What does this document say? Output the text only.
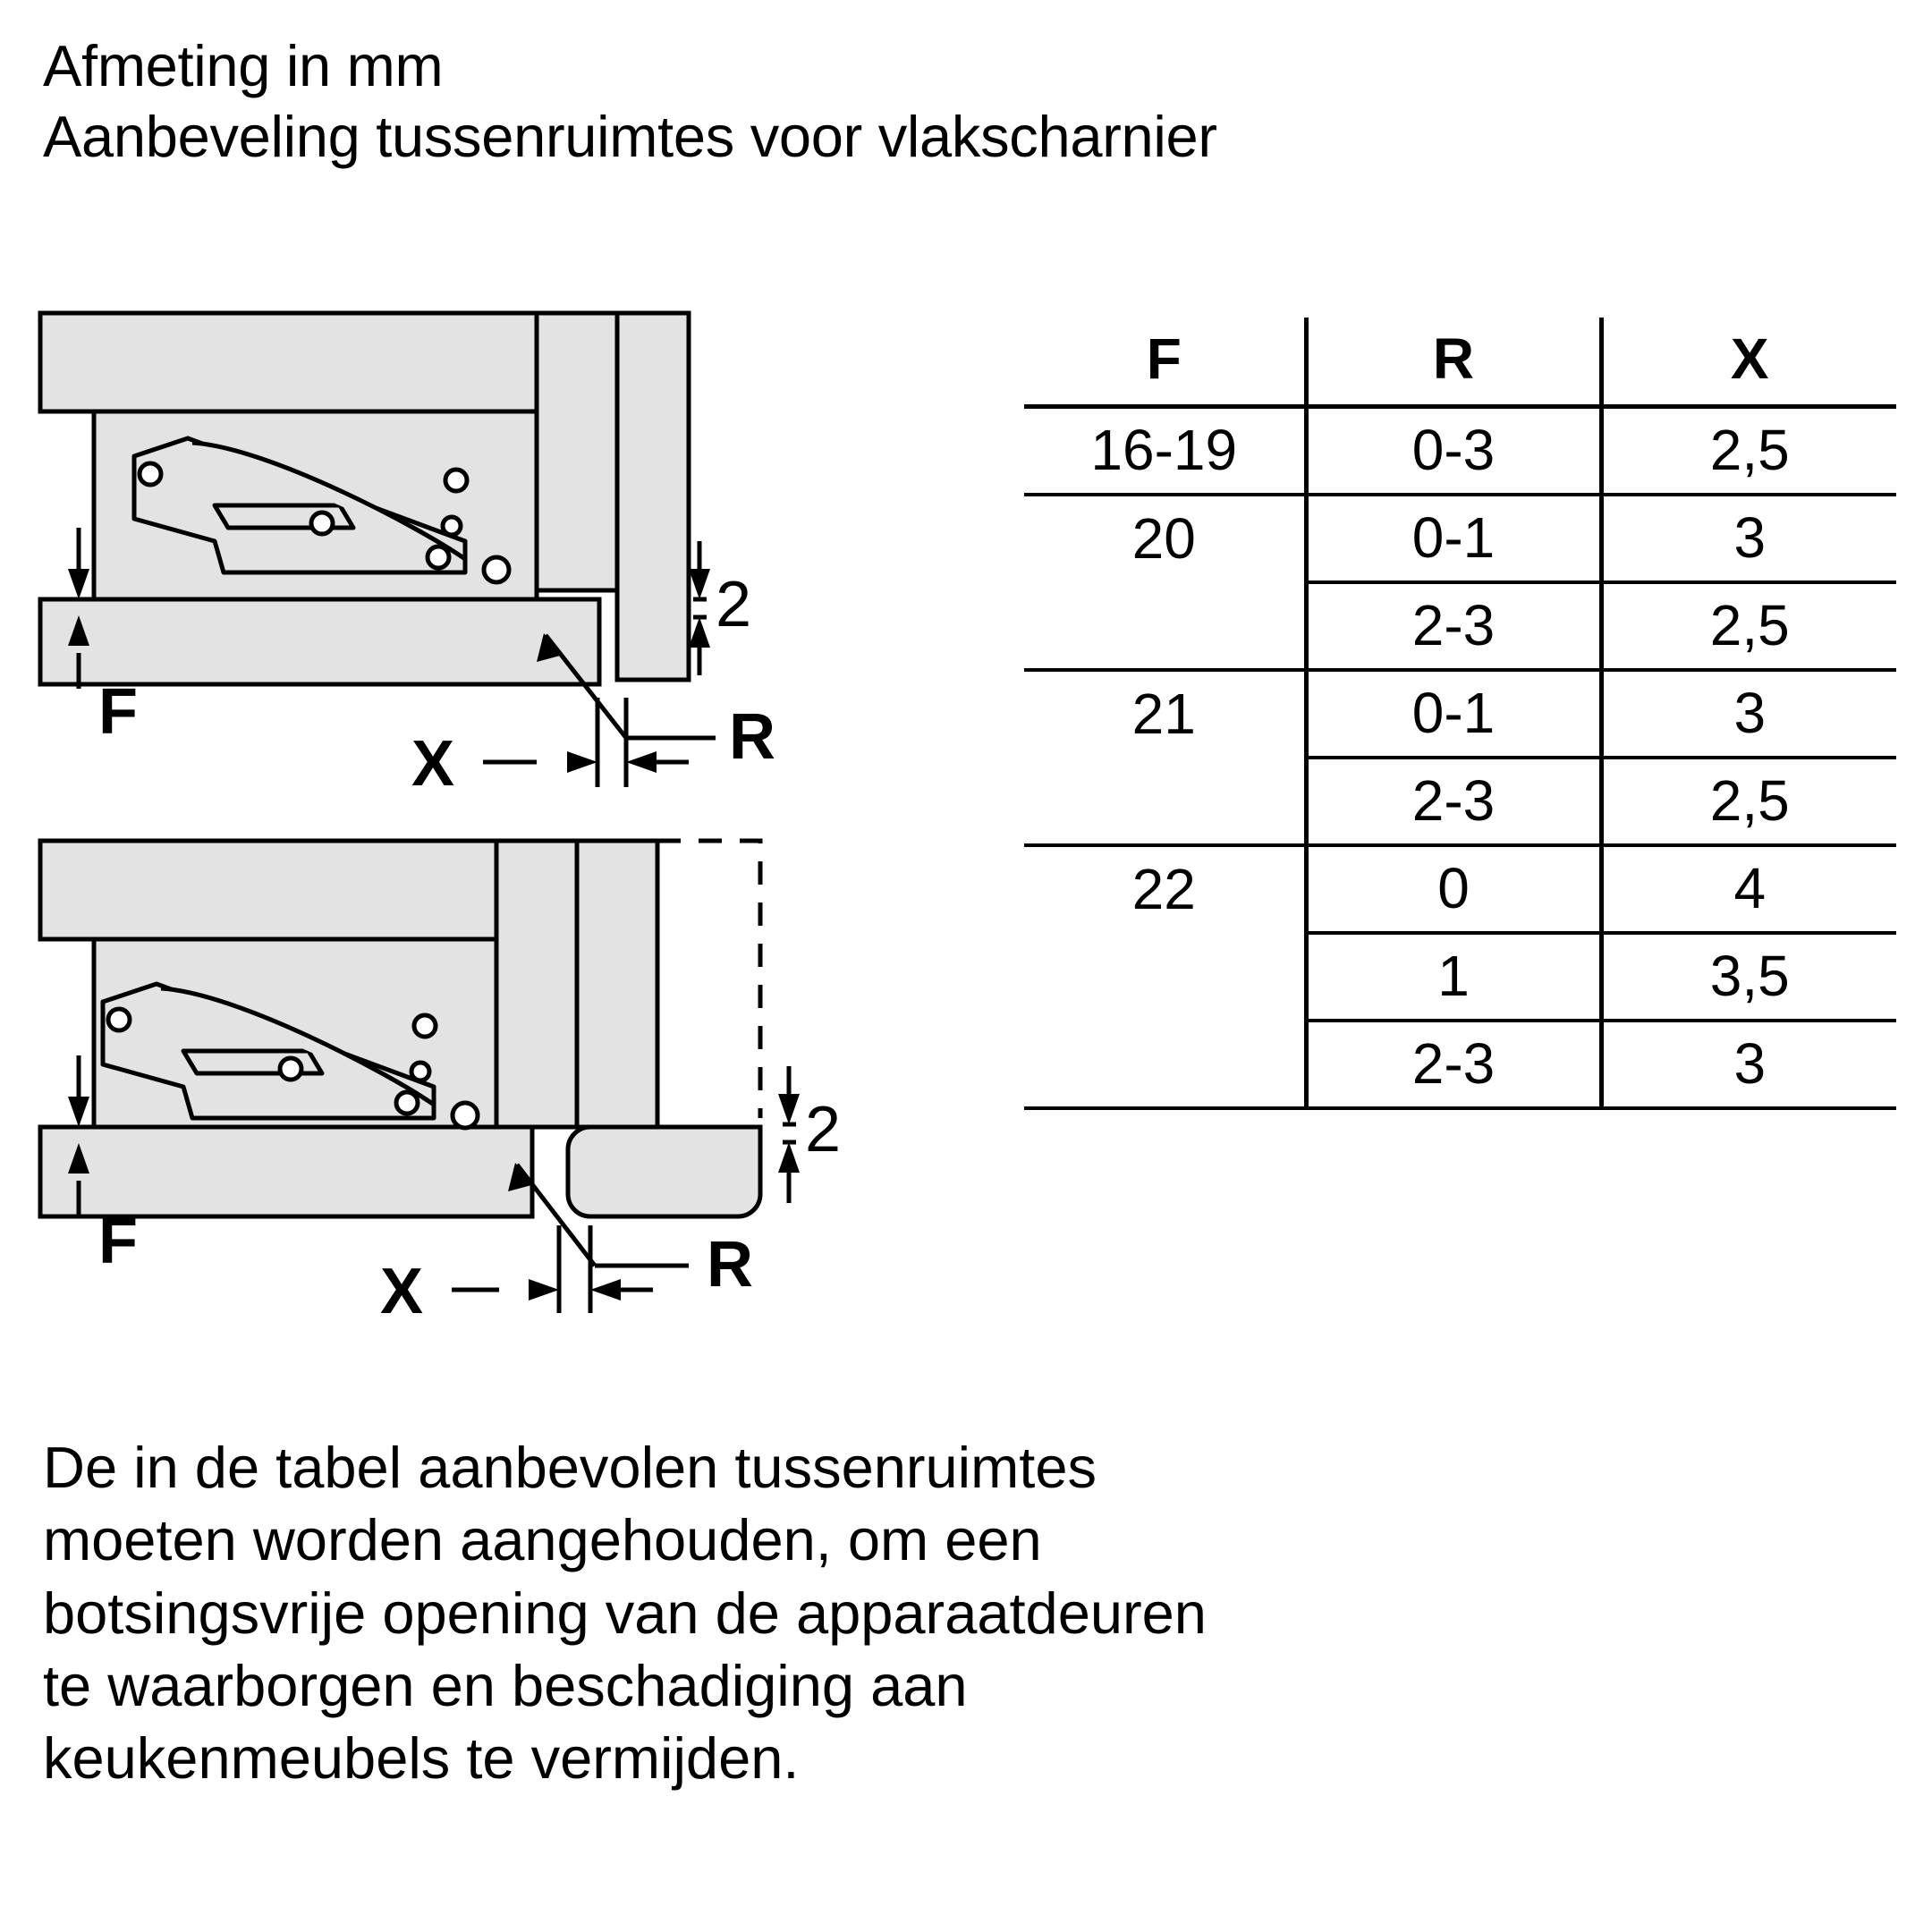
Afmeting in mm
Aanbeveling tussenruimtes voor vlakscharnier
2
F	R
X
2
F	R
X
F	R	X
16-19	0-3	2,5
20	0-1	3
	2-3	2,5
21	0-1	3
	2-3	2,5
22	0	4
	1	3,5
	2-3	3
De in de tabel aanbevolen tussenruimtes
moeten worden aangehouden, om een
botsingsvrije opening van de apparaatdeuren
te waarborgen en beschadiging aan
keukenmeubels te vermijden.
